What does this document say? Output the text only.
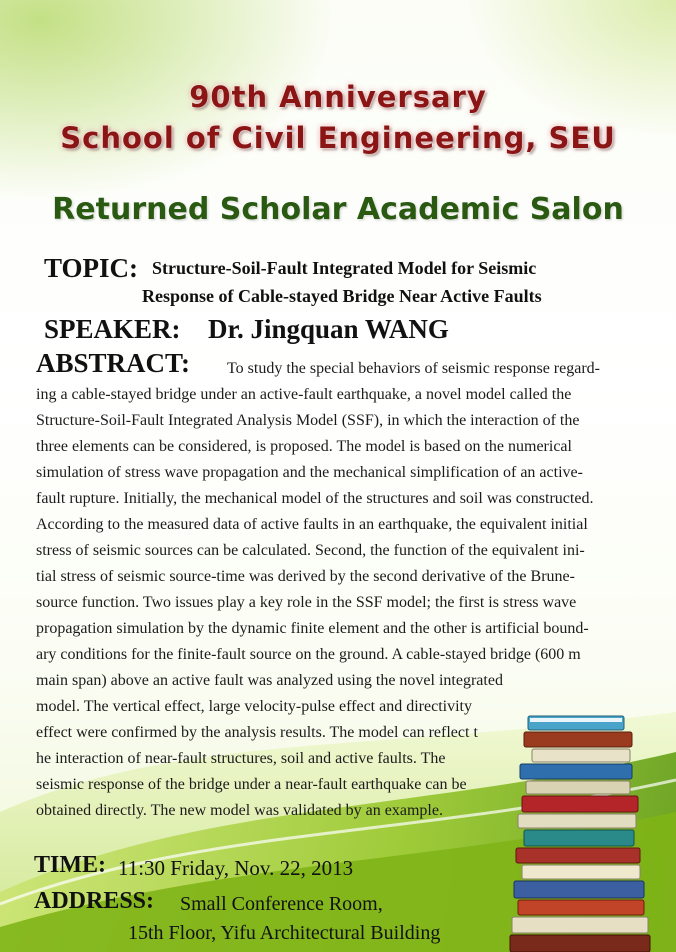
90th Anniversary
School of Civil Engineering, SEU
Returned Scholar Academic Salon
TOPIC: Structure-Soil-Fault Integrated Model for Seismic
Response of Cable-stayed Bridge Near Active Faults
SPEAKER: Dr. Jingquan WANG
ABSTRACT: To study the special behaviors of seismic response regard-
ing a cable-stayed bridge under an active-fault earthquake, a novel model called the
Structure-Soil-Fault Integrated Analysis Model (SSF), in which the interaction of the
three elements can be considered, is proposed. The model is based on the numerical
simulation of stress wave propagation and the mechanical simplification of an active-
fault rupture. Initially, the mechanical model of the structures and soil was constructed.
According to the measured data of active faults in an earthquake, the equivalent initial
stress of seismic sources can be calculated. Second, the function of the equivalent ini-
tial stress of seismic source-time was derived by the second derivative of the Brune-
source function. Two issues play a key role in the SSF model; the first is stress wave
propagation simulation by the dynamic finite element and the other is artificial bound-
ary conditions for the finite-fault source on the ground. A cable-stayed bridge (600 m
main span) above an active fault was analyzed using the novel integrated
model. The vertical effect, large velocity-pulse effect and directivity
effect were confirmed by the analysis results. The model can reflect t
he interaction of near-fault structures, soil and active faults. The
seismic response of the bridge under a near-fault earthquake can be
obtained directly. The new model was validated by an example.
TIME: 11:30 Friday, Nov. 22, 2013
ADDRESS: Small Conference Room,
15th Floor, Yifu Architectural Building
